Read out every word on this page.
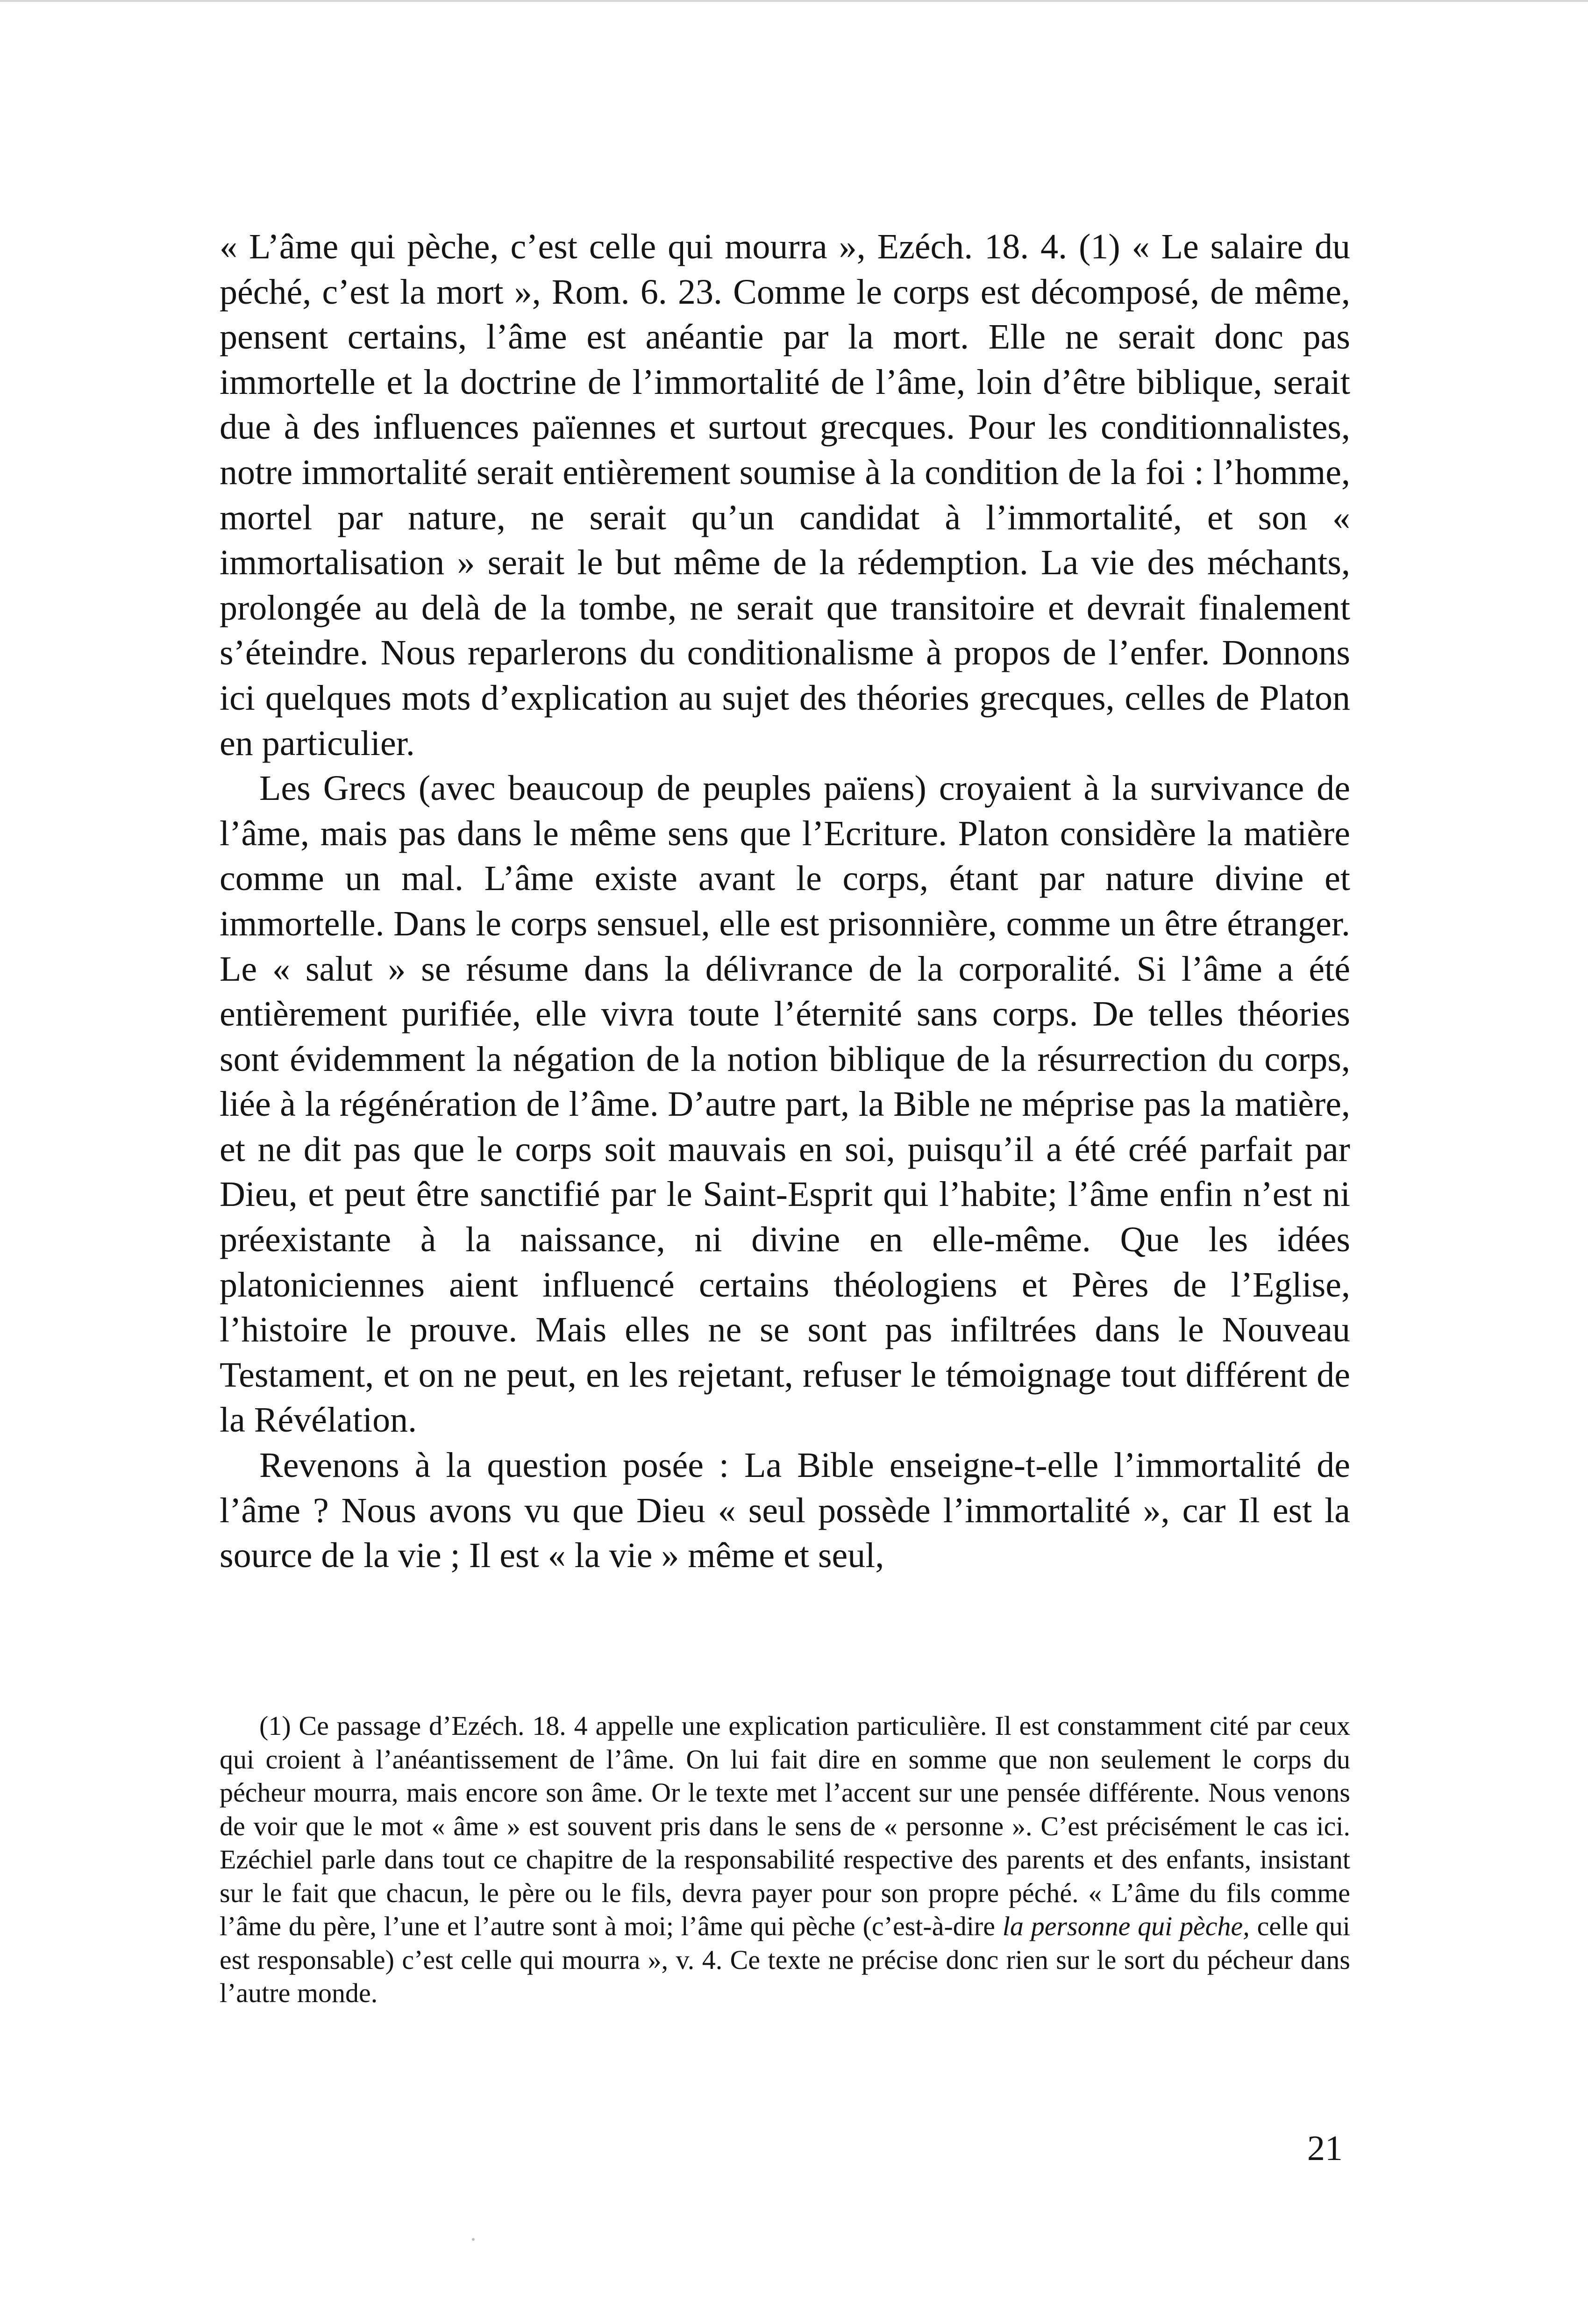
« L’âme qui pèche, c’est celle qui mourra », Ezéch. 18. 4. (1) « Le salaire du péché, c’est la mort », Rom. 6. 23. Comme le corps est décomposé, de même, pensent certains, l’âme est anéantie par la mort. Elle ne serait donc pas immortelle et la doctrine de l’immortalité de l’âme, loin d’être biblique, serait due à des influences païennes et surtout grecques. Pour les conditionnalistes, notre immortalité serait entièrement soumise à la condition de la foi : l’homme, mortel par nature, ne serait qu’un candidat à l’immortalité, et son « immortalisation » serait le but même de la rédemption. La vie des méchants, prolongée au delà de la tombe, ne serait que transitoire et devrait finalement s’éteindre. Nous reparlerons du conditionalisme à propos de l’enfer. Donnons ici quelques mots d’explication au sujet des théories grecques, celles de Platon en particulier.

Les Grecs (avec beaucoup de peuples païens) croyaient à la survivance de l’âme, mais pas dans le même sens que l’Ecriture. Platon considère la matière comme un mal. L’âme existe avant le corps, étant par nature divine et immortelle. Dans le corps sensuel, elle est prisonnière, comme un être étranger. Le « salut » se résume dans la délivrance de la corporalité. Si l’âme a été entièrement purifiée, elle vivra toute l’éternité sans corps. De telles théories sont évidemment la négation de la notion biblique de la résurrection du corps, liée à la régénération de l’âme. D’autre part, la Bible ne méprise pas la matière, et ne dit pas que le corps soit mauvais en soi, puisqu’il a été créé parfait par Dieu, et peut être sanctifié par le Saint-Esprit qui l’habite; l’âme enfin n’est ni préexistante à la naissance, ni divine en elle-même. Que les idées platoniciennes aient influencé certains théologiens et Pères de l’Eglise, l’histoire le prouve. Mais elles ne se sont pas infiltrées dans le Nouveau Testament, et on ne peut, en les rejetant, refuser le témoignage tout différent de la Révélation.

Revenons à la question posée : La Bible enseigne-t-elle l’immortalité de l’âme ? Nous avons vu que Dieu « seul possède l’immortalité », car Il est la source de la vie ; Il est « la vie » même et seul,

(1) Ce passage d’Ezéch. 18. 4 appelle une explication particulière. Il est constamment cité par ceux qui croient à l’anéantissement de l’âme. On lui fait dire en somme que non seulement le corps du pécheur mourra, mais encore son âme. Or le texte met l’accent sur une pensée différente. Nous venons de voir que le mot « âme » est souvent pris dans le sens de « personne ». C’est précisément le cas ici. Ezéchiel parle dans tout ce chapitre de la responsabilité respective des parents et des enfants, insistant sur le fait que chacun, le père ou le fils, devra payer pour son propre péché. « L’âme du fils comme l’âme du père, l’une et l’autre sont à moi; l’âme qui pèche (c’est-à-dire la personne qui pèche, celle qui est responsable) c’est celle qui mourra », v. 4. Ce texte ne précise donc rien sur le sort du pécheur dans l’autre monde.

21
